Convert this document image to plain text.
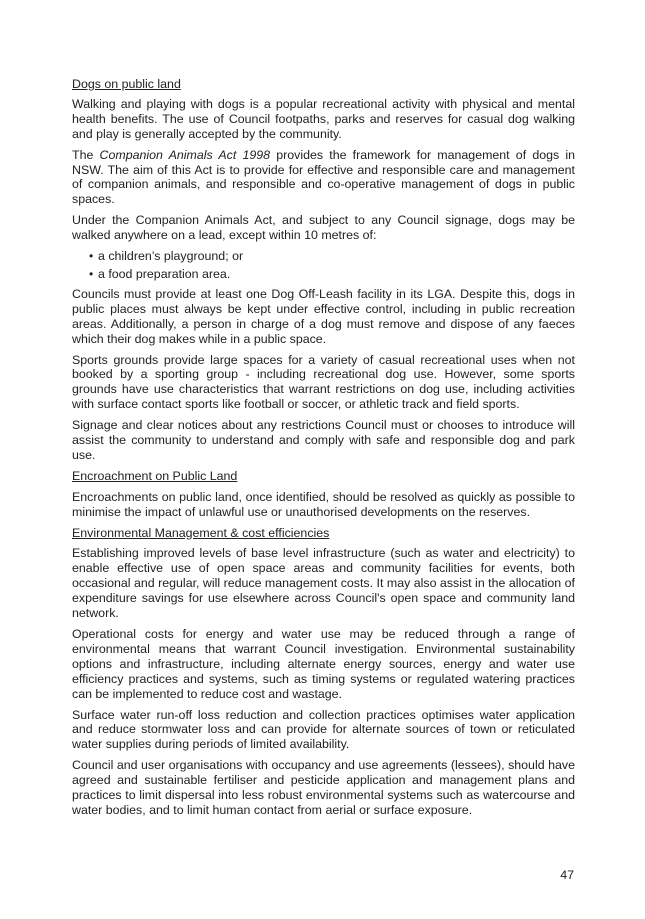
Dogs on public land

Walking and playing with dogs is a popular recreational activity with physical and mental health benefits. The use of Council footpaths, parks and reserves for casual dog walking and play is generally accepted by the community.

The Companion Animals Act 1998 provides the framework for management of dogs in NSW. The aim of this Act is to provide for effective and responsible care and management of companion animals, and responsible and co-operative management of dogs in public spaces.

Under the Companion Animals Act, and subject to any Council signage, dogs may be walked anywhere on a lead, except within 10 metres of:

• a children’s playground; or
• a food preparation area.

Councils must provide at least one Dog Off-Leash facility in its LGA. Despite this, dogs in public places must always be kept under effective control, including in public recreation areas. Additionally, a person in charge of a dog must remove and dispose of any faeces which their dog makes while in a public space.

Sports grounds provide large spaces for a variety of casual recreational uses when not booked by a sporting group - including recreational dog use. However, some sports grounds have use characteristics that warrant restrictions on dog use, including activities with surface contact sports like football or soccer, or athletic track and field sports.

Signage and clear notices about any restrictions Council must or chooses to introduce will assist the community to understand and comply with safe and responsible dog and park use.

Encroachment on Public Land

Encroachments on public land, once identified, should be resolved as quickly as possible to minimise the impact of unlawful use or unauthorised developments on the reserves.

Environmental Management & cost efficiencies

Establishing improved levels of base level infrastructure (such as water and electricity) to enable effective use of open space areas and community facilities for events, both occasional and regular, will reduce management costs. It may also assist in the allocation of expenditure savings for use elsewhere across Council's open space and community land network.

Operational costs for energy and water use may be reduced through a range of environmental means that warrant Council investigation. Environmental sustainability options and infrastructure, including alternate energy sources, energy and water use efficiency practices and systems, such as timing systems or regulated watering practices can be implemented to reduce cost and wastage.

Surface water run-off loss reduction and collection practices optimises water application and reduce stormwater loss and can provide for alternate sources of town or reticulated water supplies during periods of limited availability.

Council and user organisations with occupancy and use agreements (lessees), should have agreed and sustainable fertiliser and pesticide application and management plans and practices to limit dispersal into less robust environmental systems such as watercourse and water bodies, and to limit human contact from aerial or surface exposure.

47
